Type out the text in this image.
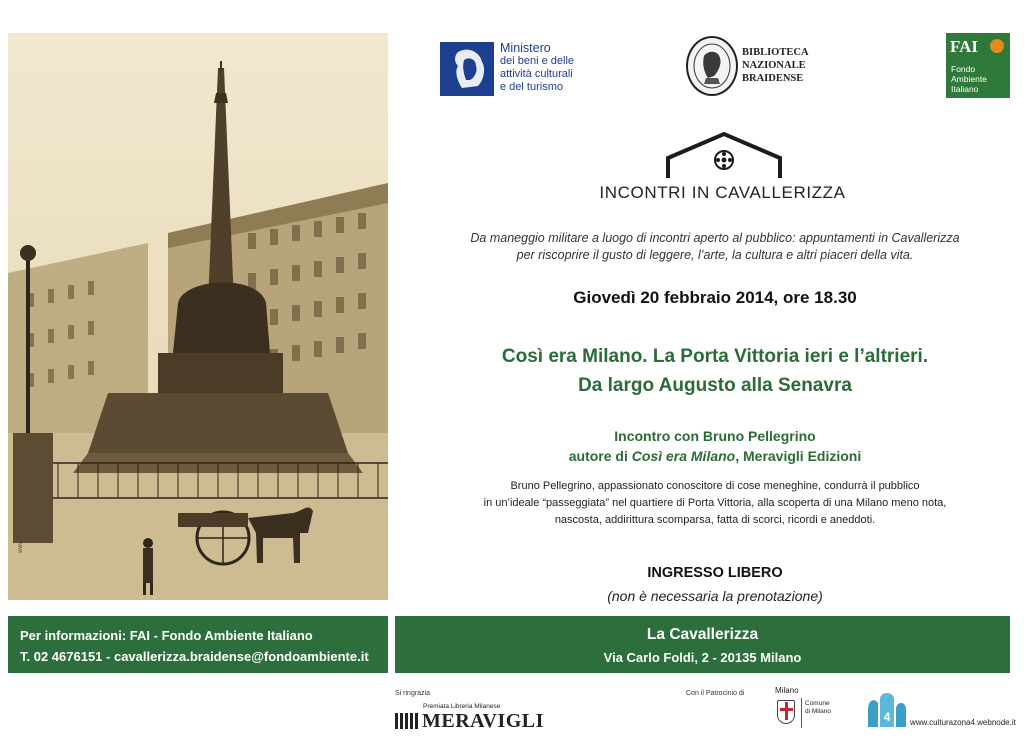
www.skyscrapercity.com
Ministero
dei beni e delle
attività culturali
e del turismo
BIBLIOTECA
NAZIONALE
BRAIDENSE
FAI
Fondo
Ambiente
Italiano
INCONTRI IN CAVALLERIZZA
Da maneggio militare a luogo di incontri aperto al pubblico: appuntamenti in Cavallerizza
per riscoprire il gusto di leggere, l’arte, la cultura e altri piaceri della vita.
Giovedì 20 febbraio 2014, ore 18.30
Così era Milano. La Porta Vittoria ieri e l’altrieri.
Da largo Augusto alla Senavra
Incontro con Bruno Pellegrino
autore di Così era Milano, Meravigli Edizioni
Bruno Pellegrino, appassionato conoscitore di cose meneghine, condurrà il pubblico
in un’ideale “passeggiata” nel quartiere di Porta Vittoria, alla scoperta di una Milano meno nota,
nascosta, addirittura scomparsa, fatta di scorci, ricordi e aneddoti.
INGRESSO LIBERO
(non è necessaria la prenotazione)
Per informazioni: FAI - Fondo Ambiente Italiano
T. 02 4676151 - cavallerizza.braidense@fondoambiente.it
La Cavallerizza
Via Carlo Foldi, 2 - 20135 Milano
Si ringrazia
Premiata Libreria Milanese
MERAVIGLI
Con il Patrocinio di	Milano
Comune
di Milano	4 www.culturazona4.webnode.it
